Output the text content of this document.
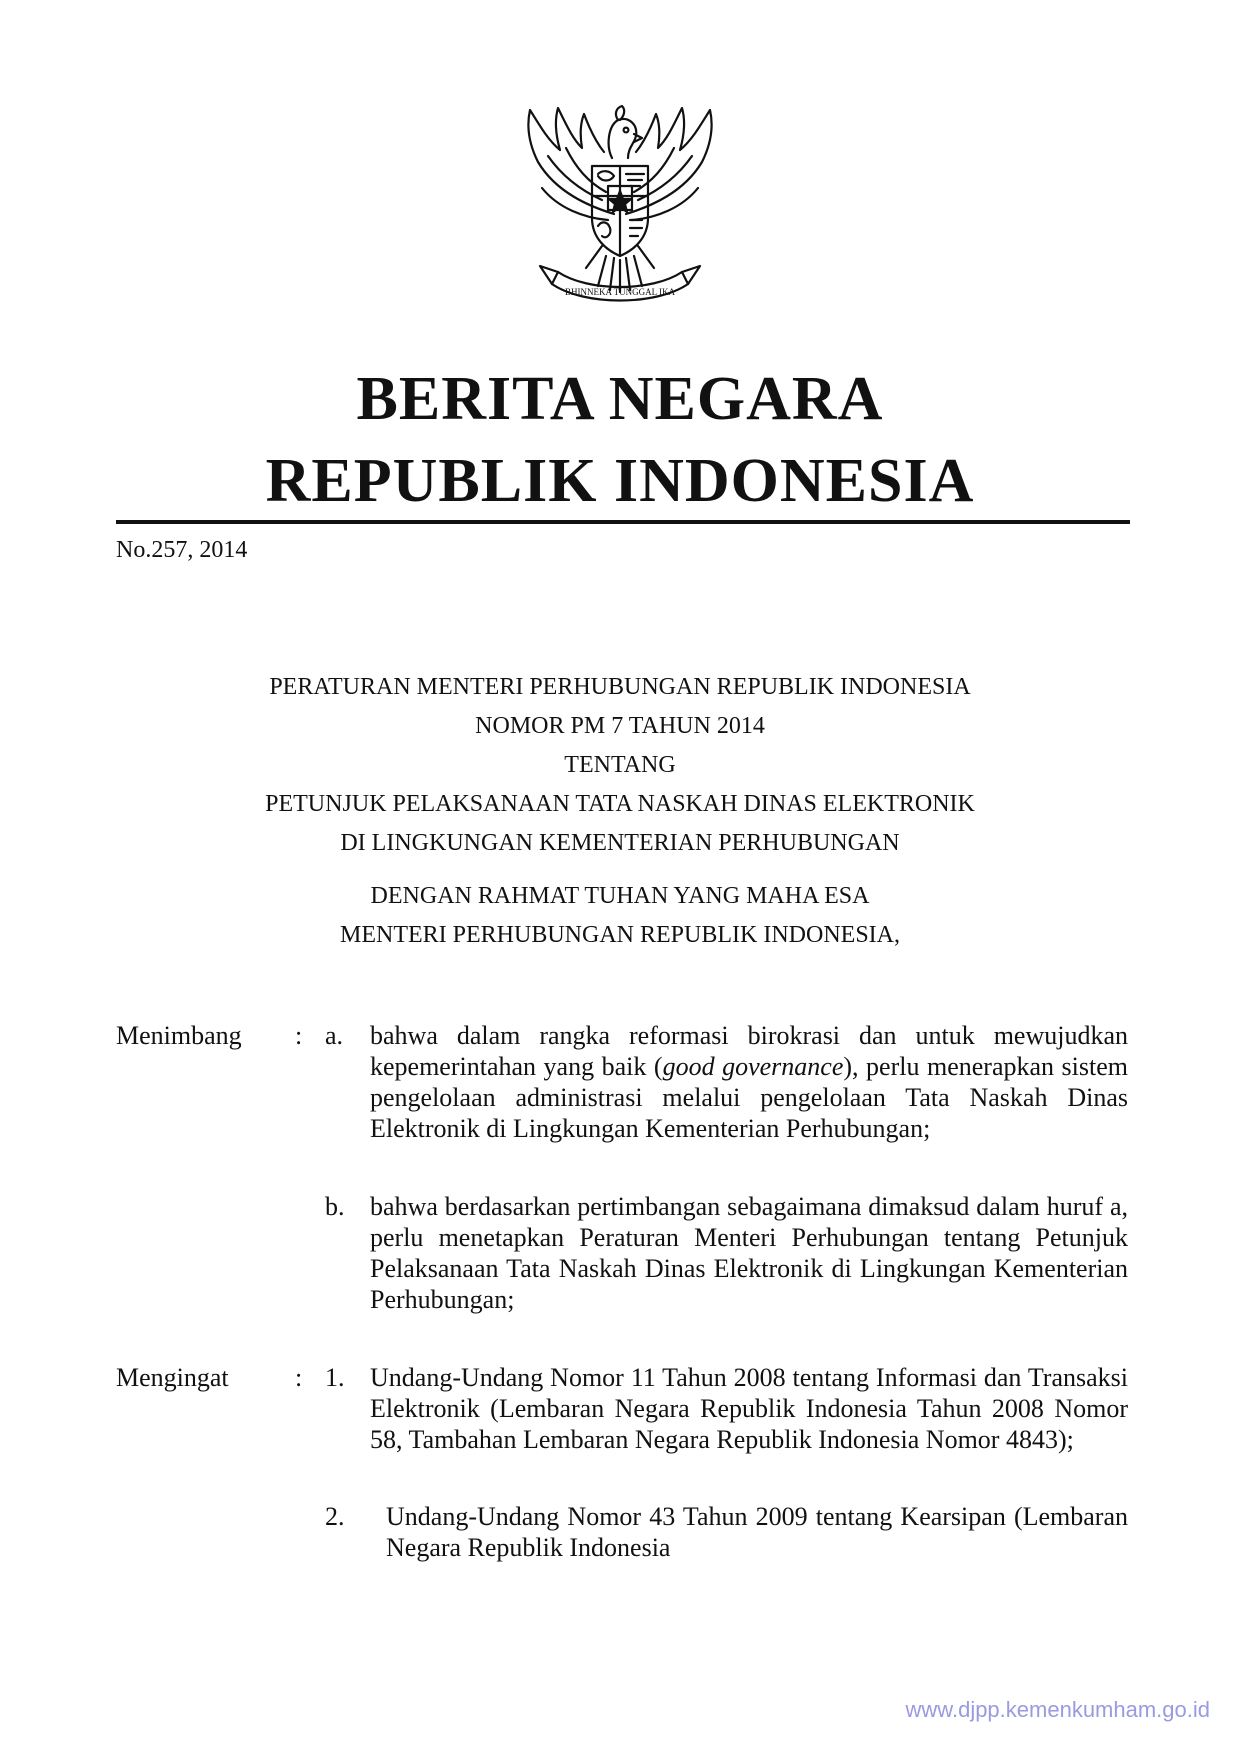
BHINNEKA TUNGGAL IKA
BERITA NEGARA
REPUBLIK INDONESIA
No.257, 2014
PERATURAN MENTERI PERHUBUNGAN REPUBLIK INDONESIA
NOMOR PM 7 TAHUN 2014
TENTANG
PETUNJUK PELAKSANAAN TATA NASKAH DINAS ELEKTRONIK
DI LINGKUNGAN KEMENTERIAN PERHUBUNGAN
DENGAN RAHMAT TUHAN YANG MAHA ESA
MENTERI PERHUBUNGAN REPUBLIK INDONESIA,
Menimbang : a. bahwa dalam rangka reformasi birokrasi dan untuk mewujudkan kepemerintahan yang baik (good governance), perlu menerapkan sistem pengelolaan administrasi melalui pengelolaan Tata Naskah Dinas Elektronik di Lingkungan Kementerian Perhubungan;
b. bahwa berdasarkan pertimbangan sebagaimana dimaksud dalam huruf a, perlu menetapkan Peraturan Menteri Perhubungan tentang Petunjuk Pelaksanaan Tata Naskah Dinas Elektronik di Lingkungan Kementerian Perhubungan;
Mengingat	: 1. Undang-Undang Nomor 11 Tahun 2008 tentang Informasi dan Transaksi Elektronik (Lembaran Negara Republik Indonesia Tahun 2008 Nomor 58, Tambahan Lembaran Negara Republik Indonesia Nomor 4843);
2. Undang-Undang Nomor 43 Tahun 2009 tentang Kearsipan (Lembaran Negara Republik Indonesia
www.djpp.kemenkumham.go.id
